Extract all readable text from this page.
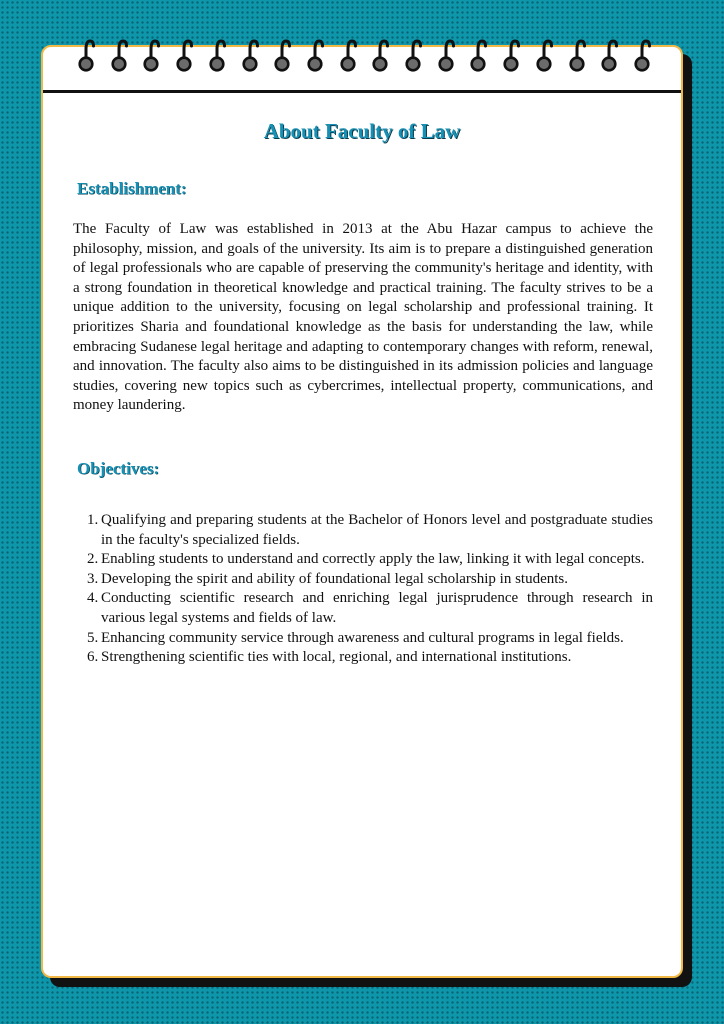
About Faculty of Law
Establishment:

The Faculty of Law was established in 2013 at the Abu Hazar campus to achieve the philosophy, mission, and goals of the university. Its aim is to prepare a distinguished generation of legal professionals who are capable of preserving the community's heritage and identity, with a strong foundation in theoretical knowledge and practical training. The faculty strives to be a unique addition to the university, focusing on legal scholarship and professional training. It prioritizes Sharia and foundational knowledge as the basis for understanding the law, while embracing Sudanese legal heritage and adapting to contemporary changes with reform, renewal, and innovation. The faculty also aims to be distinguished in its admission policies and language studies, covering new topics such as cybercrimes, intellectual property, communications, and money laundering.

Objectives:
1. Qualifying and preparing students at the Bachelor of Honors level and postgraduate studies in the faculty's specialized fields.
2. Enabling students to understand and correctly apply the law, linking it with legal concepts.
3. Developing the spirit and ability of foundational legal scholarship in students.
4. Conducting scientific research and enriching legal jurisprudence through research in various legal systems and fields of law.
5. Enhancing community service through awareness and cultural programs in legal fields.
6. Strengthening scientific ties with local, regional, and international institutions.
